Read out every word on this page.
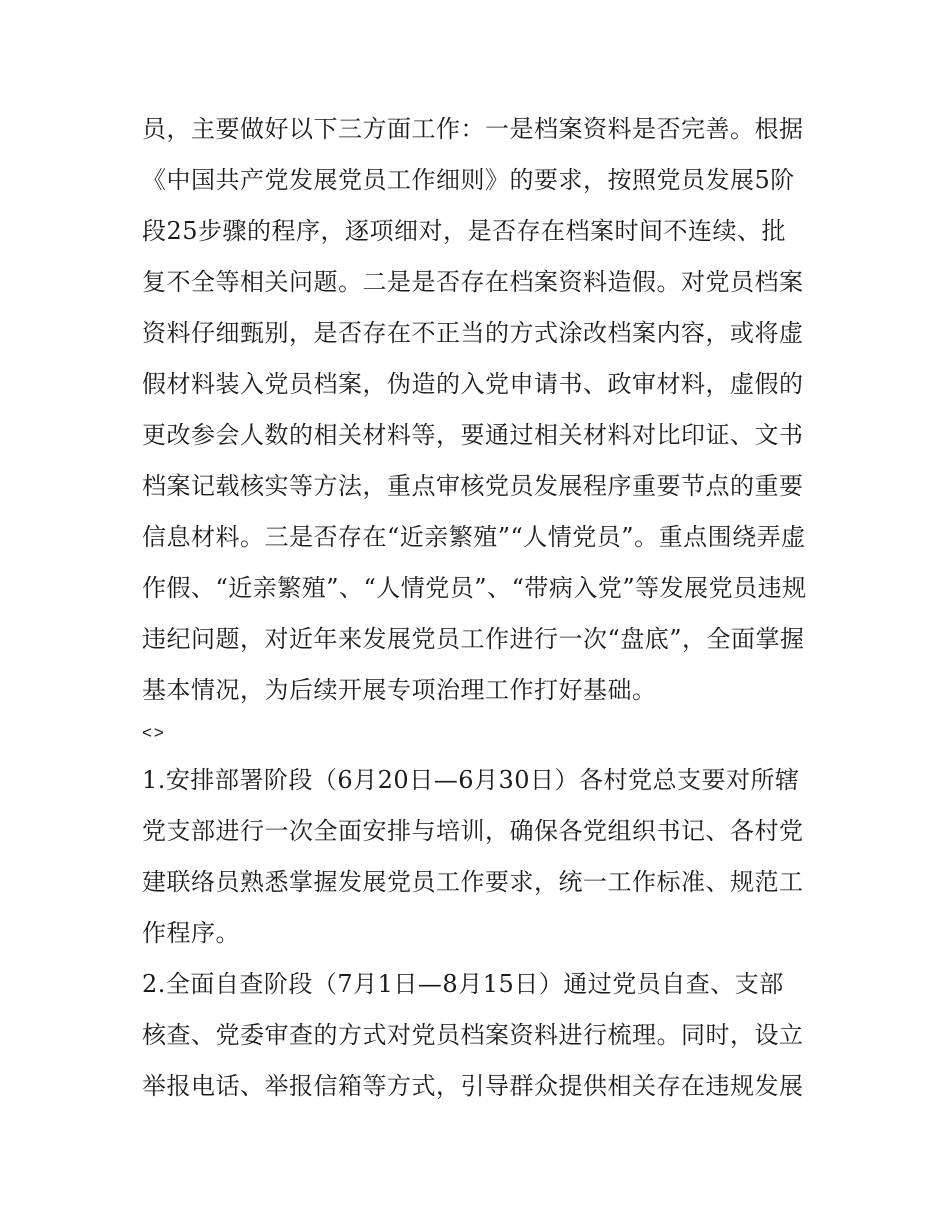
员，主要做好以下三方面工作：一是档案资料是否完善。根据
《中国共产党发展党员工作细则》的要求，按照党员发展5阶
段25步骤的程序，逐项细对，是否存在档案时间不连续、批
复不全等相关问题。二是是否存在档案资料造假。对党员档案
资料仔细甄别，是否存在不正当的方式涂改档案内容，或将虚
假材料装入党员档案，伪造的入党申请书、政审材料，虚假的
更改参会人数的相关材料等，要通过相关材料对比印证、文书
档案记载核实等方法，重点审核党员发展程序重要节点的重要
信息材料。三是否存在“近亲繁殖”“人情党员”。重点围绕弄虚
作假、“近亲繁殖”、“人情党员”、“带病入党”等发展党员违规
违纪问题，对近年来发展党员工作进行一次“盘底”，全面掌握
基本情况，为后续开展专项治理工作打好基础。
<>
1.安排部署阶段（6月20日—6月30日）各村党总支要对所辖
党支部进行一次全面安排与培训，确保各党组织书记、各村党
建联络员熟悉掌握发展党员工作要求，统一工作标准、规范工
作程序。
2.全面自查阶段（7月1日—8月15日）通过党员自查、支部
核查、党委审查的方式对党员档案资料进行梳理。同时，设立
举报电话、举报信箱等方式，引导群众提供相关存在违规发展
